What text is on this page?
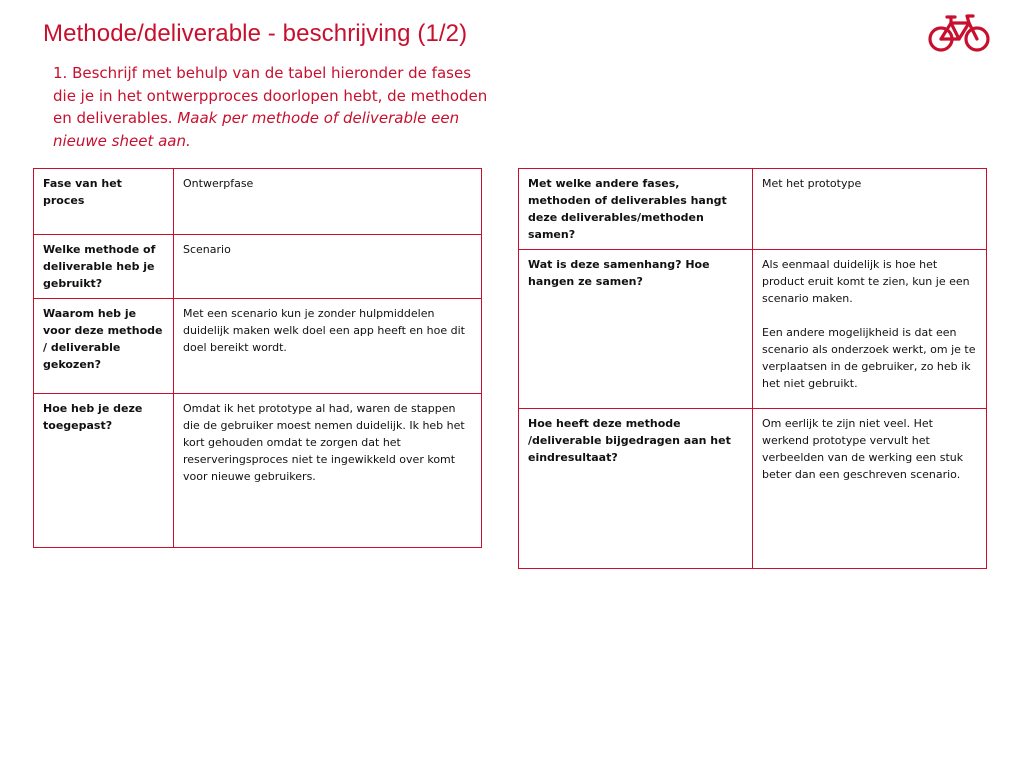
Methode/deliverable - beschrijving (1/2)
1. Beschrijf met behulp van de tabel hieronder de fases die je in het ontwerpproces doorlopen hebt, de methoden en deliverables. Maak per methode of deliverable een nieuwe sheet aan.
Fase van het proces	Ontwerpfase
Welke methode of deliverable heb je gebruikt?	Scenario
Waarom heb je voor deze methode / deliverable gekozen?	Met een scenario kun je zonder hulpmiddelen duidelijk maken welk doel een app heeft en hoe dit doel bereikt wordt.
Hoe heb je deze toegepast?	Omdat ik het prototype al had, waren de stappen die de gebruiker moest nemen duidelijk. Ik heb het kort gehouden omdat te zorgen dat het reserveringsproces niet te ingewikkeld over komt voor nieuwe gebruikers.
Met welke andere fases, methoden of deliverables hangt deze deliverables/methoden samen?	Met het prototype
Wat is deze samenhang? Hoe hangen ze samen?	Als eenmaal duidelijk is hoe het product eruit komt te zien, kun je een scenario maken.
Een andere mogelijkheid is dat een scenario als onderzoek werkt, om je te verplaatsen in de gebruiker, zo heb ik het niet gebruikt.

Hoe heeft deze methode /deliverable bijgedragen aan het eindresultaat?	Om eerlijk te zijn niet veel. Het werkend prototype vervult het verbeelden van de werking een stuk beter dan een geschreven scenario.
